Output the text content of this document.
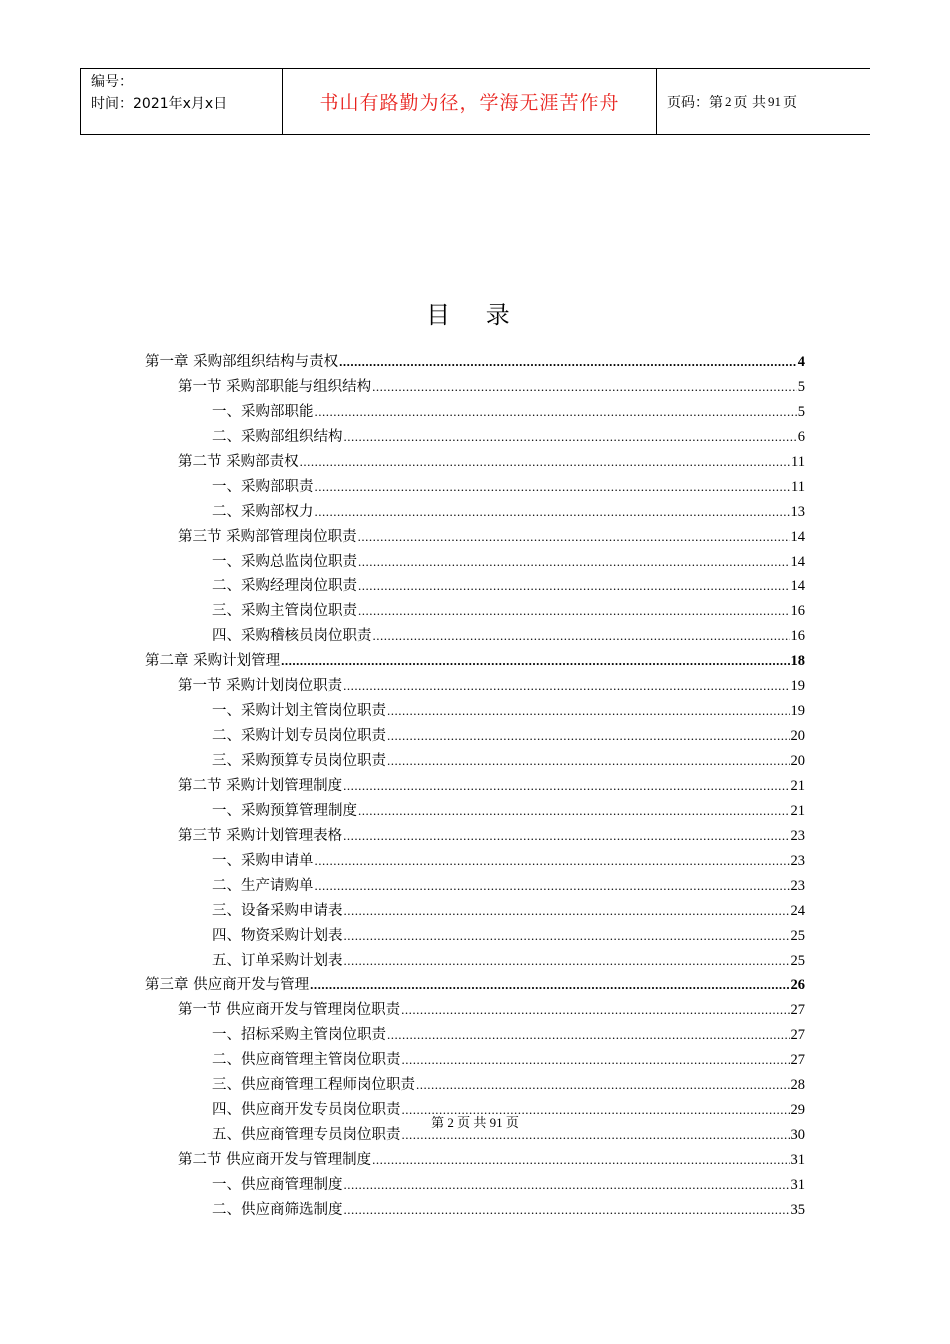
编号：
时间：2021年x月x日	书山有路勤为径，学海无涯苦作舟	页码：第 2 页 共 91 页
目 录
第一章 采购部组织结构与责权 .....	4
第一节 采购部职能与组织结构 .....	5
一、采购部职能 .....	5
二、采购部组织结构 .....	6
第二节 采购部责权 .....	11
一、采购部职责 .....	11
二、采购部权力 .....	13
第三节 采购部管理岗位职责 .....	14
一、采购总监岗位职责 .....	14
二、采购经理岗位职责 .....	14
三、采购主管岗位职责 .....	16
四、采购稽核员岗位职责 .....	16
第二章 采购计划管理 .....	18
第一节 采购计划岗位职责 .....	19
一、采购计划主管岗位职责 .....	19
二、采购计划专员岗位职责 .....	20
三、采购预算专员岗位职责 .....	20
第二节 采购计划管理制度 .....	21
一、采购预算管理制度 .....	21
第三节 采购计划管理表格 .....	23
一、采购申请单 .....	23
二、生产请购单 .....	23
三、设备采购申请表 .....	24
四、物资采购计划表 .....	25
五、订单采购计划表 .....	25
第三章 供应商开发与管理 .....	26
第一节 供应商开发与管理岗位职责 .....	27
一、招标采购主管岗位职责 .....	27
二、供应商管理主管岗位职责 .....	27
三、供应商管理工程师岗位职责 .....	28
四、供应商开发专员岗位职责 .....	29
五、供应商管理专员岗位职责 .....	30
第二节 供应商开发与管理制度 .....	31
一、供应商管理制度 .....	31
二、供应商筛选制度 .....	35
第 2 页 共 91 页
